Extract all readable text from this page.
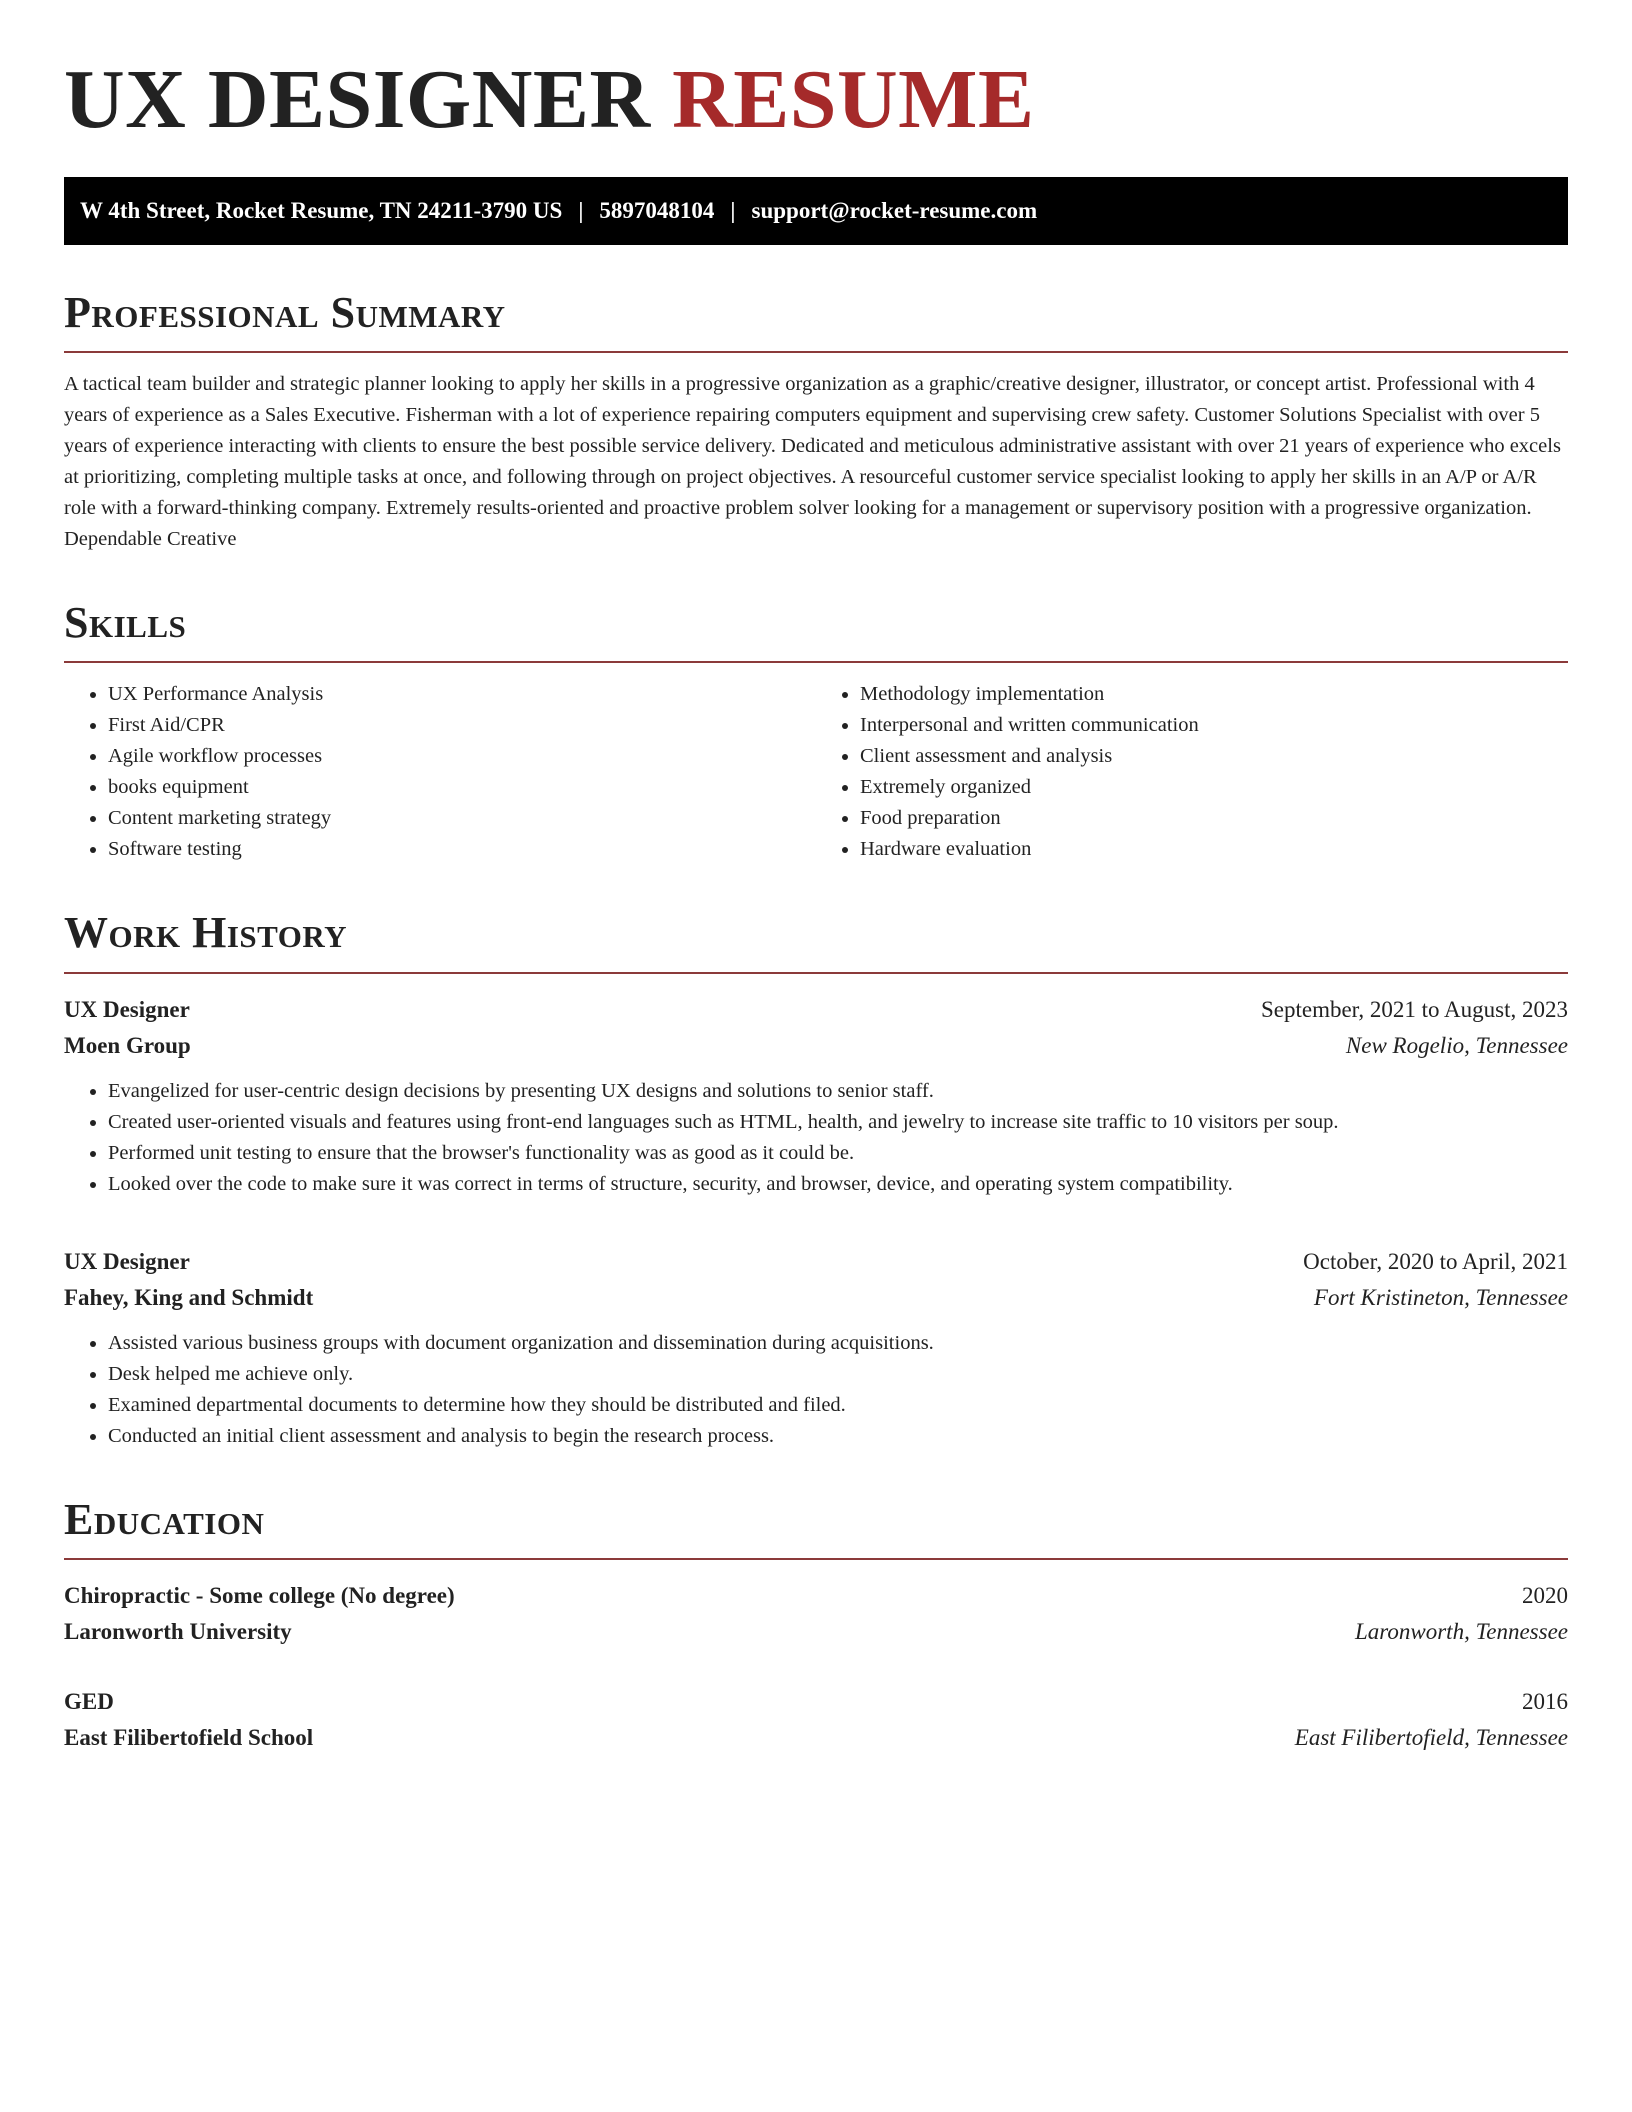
UX DESIGNER RESUME
W 4th Street, Rocket Resume, TN 24211-3790 US | 5897048104 | support@rocket-resume.com
Professional Summary

A tactical team builder and strategic planner looking to apply her skills in a progressive organization as a graphic/creative designer, illustrator, or concept artist. Professional with 4 years of experience as a Sales Executive. Fisherman with a lot of experience repairing computers equipment and supervising crew safety. Customer Solutions Specialist with over 5 years of experience interacting with clients to ensure the best possible service delivery. Dedicated and meticulous administrative assistant with over 21 years of experience who excels at prioritizing, completing multiple tasks at once, and following through on project objectives. A resourceful customer service specialist looking to apply her skills in an A/P or A/R role with a forward-thinking company. Extremely results-oriented and proactive problem solver looking for a management or supervisory position with a progressive organization. Dependable Creative

Skills
• UX Performance Analysis
• First Aid/CPR
• Agile workflow processes
• books equipment
• Content marketing strategy
• Software testing
• Methodology implementation
• Interpersonal and written communication
• Client assessment and analysis
• Extremely organized
• Food preparation
• Hardware evaluation
Work History
UX Designer	September, 2021 to August, 2023
Moen Group	New Rogelio, Tennessee
• Evangelized for user-centric design decisions by presenting UX designs and solutions to senior staff.
• Created user-oriented visuals and features using front-end languages such as HTML, health, and jewelry to increase site traffic to 10 visitors per soup.
• Performed unit testing to ensure that the browser's functionality was as good as it could be.
• Looked over the code to make sure it was correct in terms of structure, security, and browser, device, and operating system compatibility.
UX Designer	October, 2020 to April, 2021
Fahey, King and Schmidt	Fort Kristineton, Tennessee
• Assisted various business groups with document organization and dissemination during acquisitions.
• Desk helped me achieve only.
• Examined departmental documents to determine how they should be distributed and filed.
• Conducted an initial client assessment and analysis to begin the research process.
Education
Chiropractic - Some college (No degree)	2020
Laronworth University	Laronworth, Tennessee
GED	2016
East Filibertofield School	East Filibertofield, Tennessee
